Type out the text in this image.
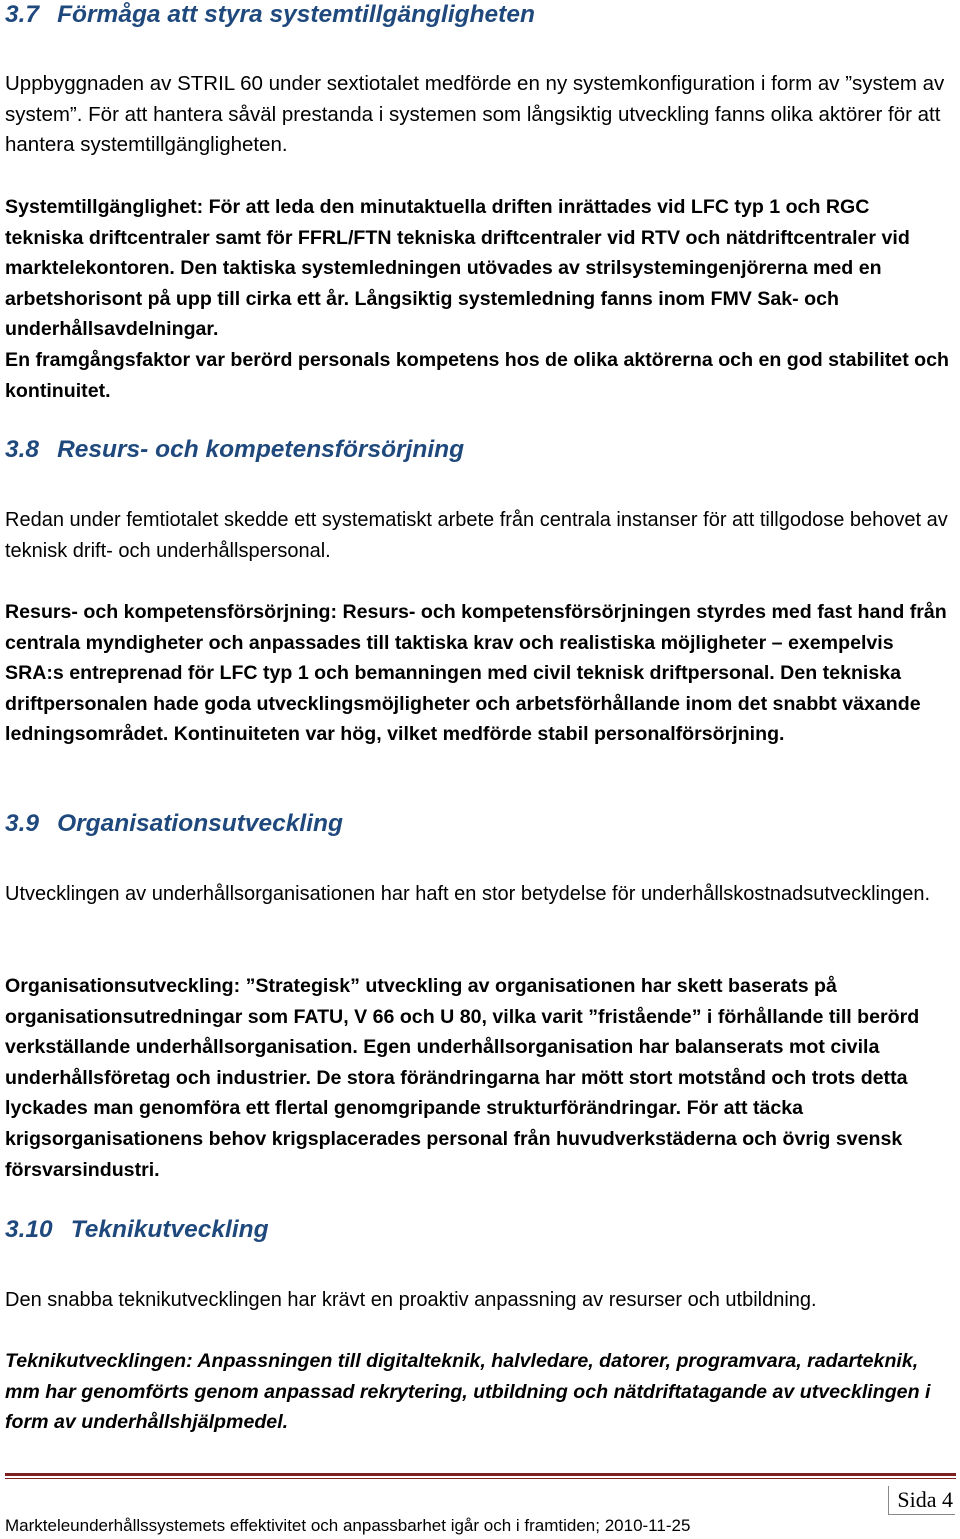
3.7 Förmåga att styra systemtillgängligheten

Uppbyggnaden av STRIL 60 under sextiotalet medförde en ny systemkonfiguration i form av ”system av system”. För att hantera såväl prestanda i systemen som långsiktig utveckling fanns olika aktörer för att hantera systemtillgängligheten.

Systemtillgänglighet: För att leda den minutaktuella driften inrättades vid LFC typ 1 och RGC tekniska driftcentraler samt för FFRL/FTN tekniska driftcentraler vid RTV och nätdriftcentraler vid marktelekontoren. Den taktiska systemledningen utövades av strilsystemingenjörerna med en arbetshorisont på upp till cirka ett år. Långsiktig systemledning fanns inom FMV Sak- och underhållsavdelningar.

En framgångsfaktor var berörd personals kompetens hos de olika aktörerna och en god stabilitet och kontinuitet.

3.8 Resurs- och kompetensförsörjning

Redan under femtiotalet skedde ett systematiskt arbete från centrala instanser för att tillgodose behovet av teknisk drift- och underhållspersonal.

Resurs- och kompetensförsörjning: Resurs- och kompetensförsörjningen styrdes med fast hand från centrala myndigheter och anpassades till taktiska krav och realistiska möjligheter – exempelvis SRA:s entreprenad för LFC typ 1 och bemanningen med civil teknisk driftpersonal. Den tekniska driftpersonalen hade goda utvecklingsmöjligheter och arbetsförhållande inom det snabbt växande ledningsområdet. Kontinuiteten var hög, vilket medförde stabil personalförsörjning.

3.9 Organisationsutveckling

Utvecklingen av underhållsorganisationen har haft en stor betydelse för underhållskostnadsutvecklingen.

Organisationsutveckling: ”Strategisk” utveckling av organisationen har skett baserats på organisationsutredningar som FATU, V 66 och U 80, vilka varit ”fristående” i förhållande till berörd verkställande underhållsorganisation. Egen underhållsorganisation har balanserats mot civila underhållsföretag och industrier. De stora förändringarna har mött stort motstånd och trots detta lyckades man genomföra ett flertal genomgripande strukturförändringar. För att täcka krigsorganisationens behov krigsplacerades personal från huvudverkstäderna och övrig svensk försvarsindustri.

3.10 Teknikutveckling

Den snabba teknikutvecklingen har krävt en proaktiv anpassning av resurser och utbildning.

Teknikutvecklingen: Anpassningen till digitalteknik, halvledare, datorer, programvara, radarteknik, mm har genomförts genom anpassad rekrytering, utbildning och nätdriftatagande av utvecklingen i form av underhållshjälpmedel.

Sida 4
Markteleunderhållssystemets effektivitet och anpassbarhet igår och i framtiden; 2010-11-25
